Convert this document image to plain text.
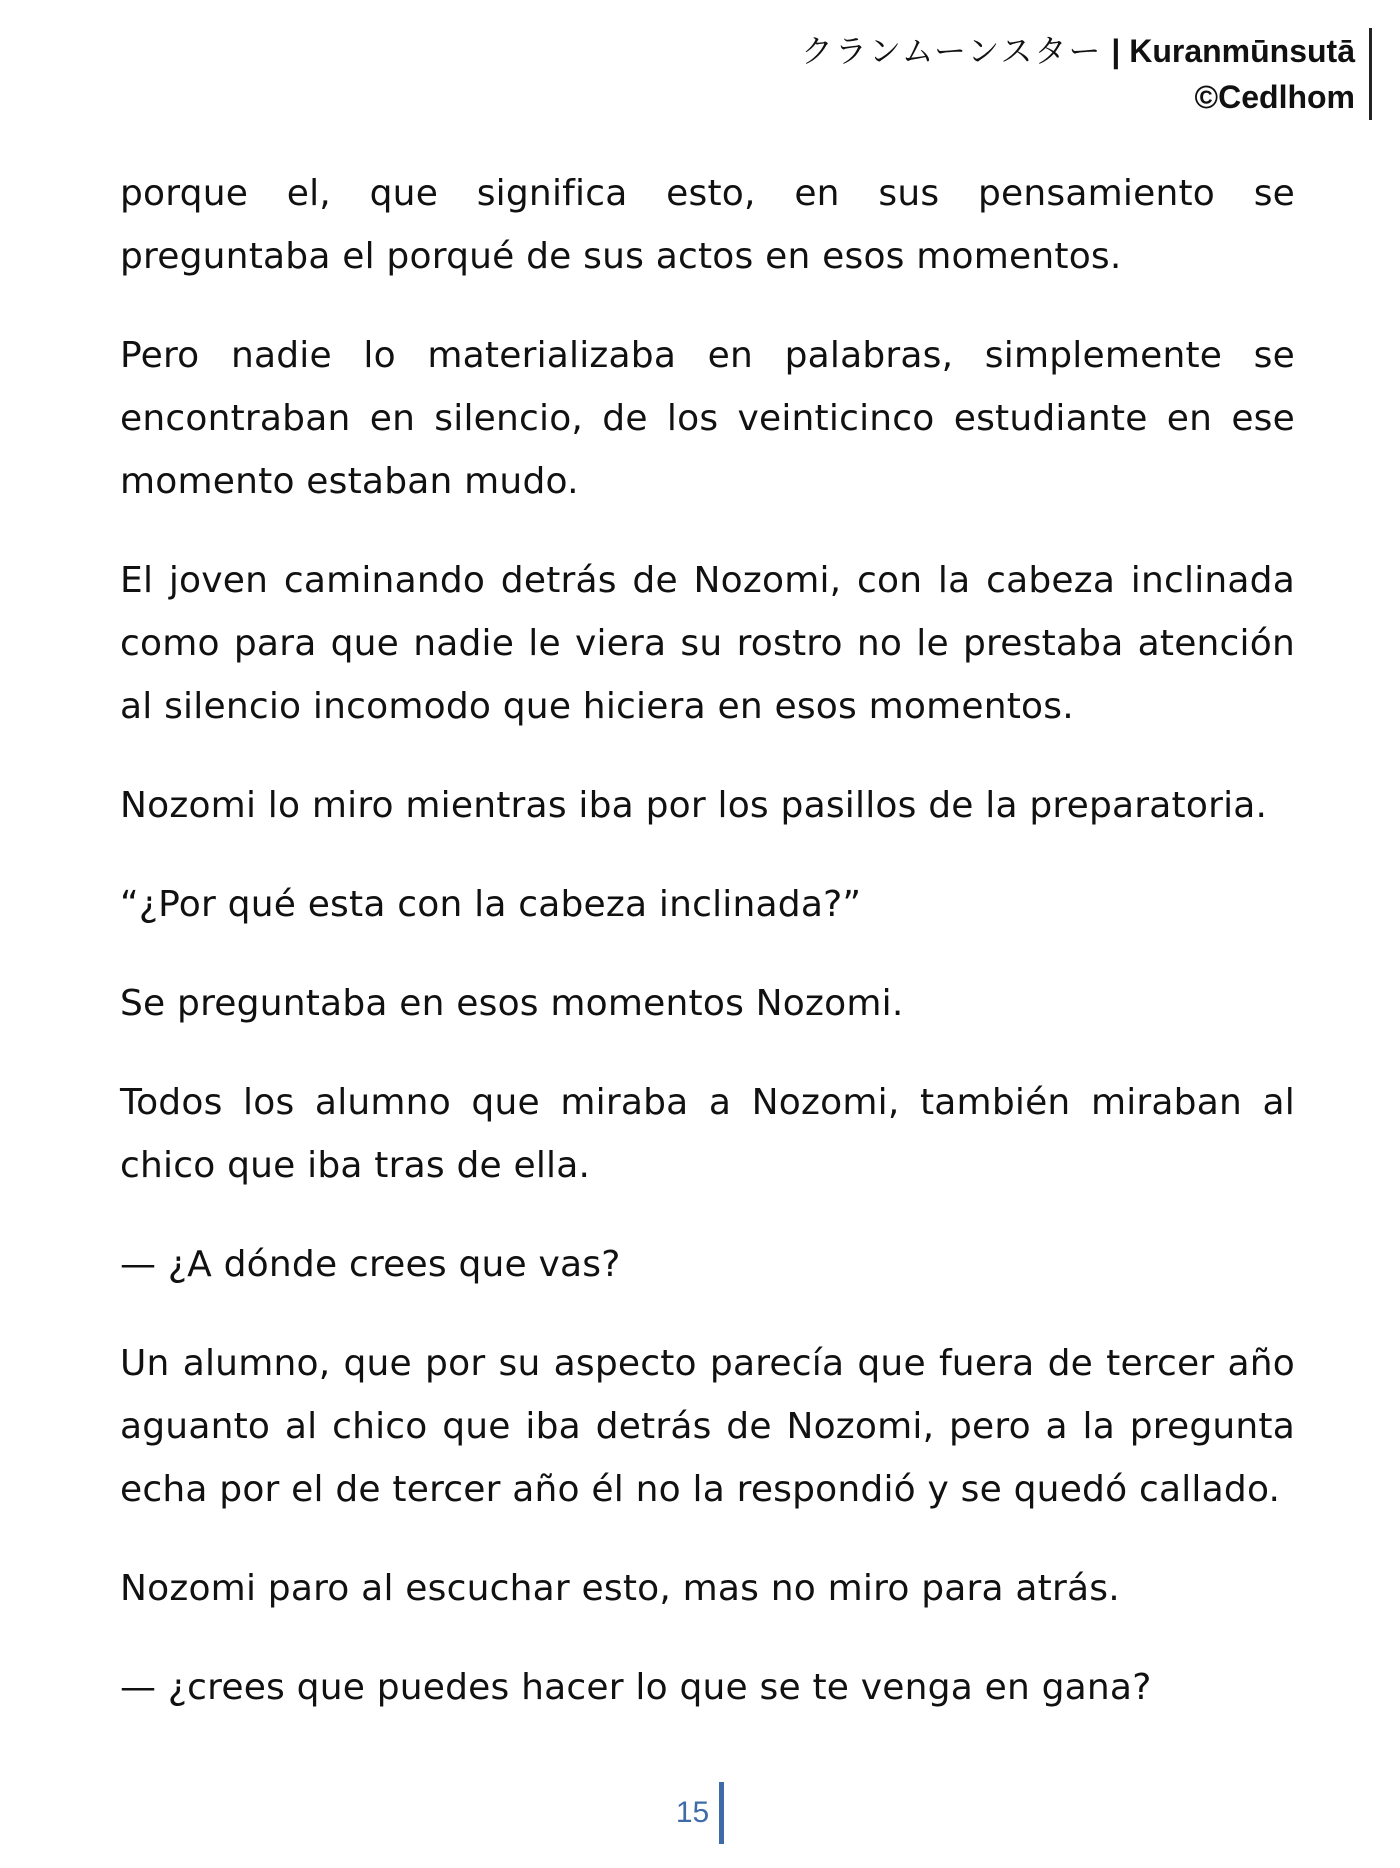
クランムーンスター | Kuranmūnsutā
©Cedlhom

porque el, que significa esto, en sus pensamiento se preguntaba el porqué de sus actos en esos momentos.

Pero nadie lo materializaba en palabras, simplemente se encontraban en silencio, de los veinticinco estudiante en ese momento estaban mudo.

El joven caminando detrás de Nozomi, con la cabeza inclinada como para que nadie le viera su rostro no le prestaba atención al silencio incomodo que hiciera en esos momentos.

Nozomi lo miro mientras iba por los pasillos de la preparatoria.

“¿Por qué esta con la cabeza inclinada?”

Se preguntaba en esos momentos Nozomi.

Todos los alumno que miraba a Nozomi, también miraban al chico que iba tras de ella.

— ¿A dónde crees que vas?

Un alumno, que por su aspecto parecía que fuera de tercer año aguanto al chico que iba detrás de Nozomi, pero a la pregunta echa por el de tercer año él no la respondió y se quedó callado.

Nozomi paro al escuchar esto, mas no miro para atrás.

— ¿crees que puedes hacer lo que se te venga en gana?

15
